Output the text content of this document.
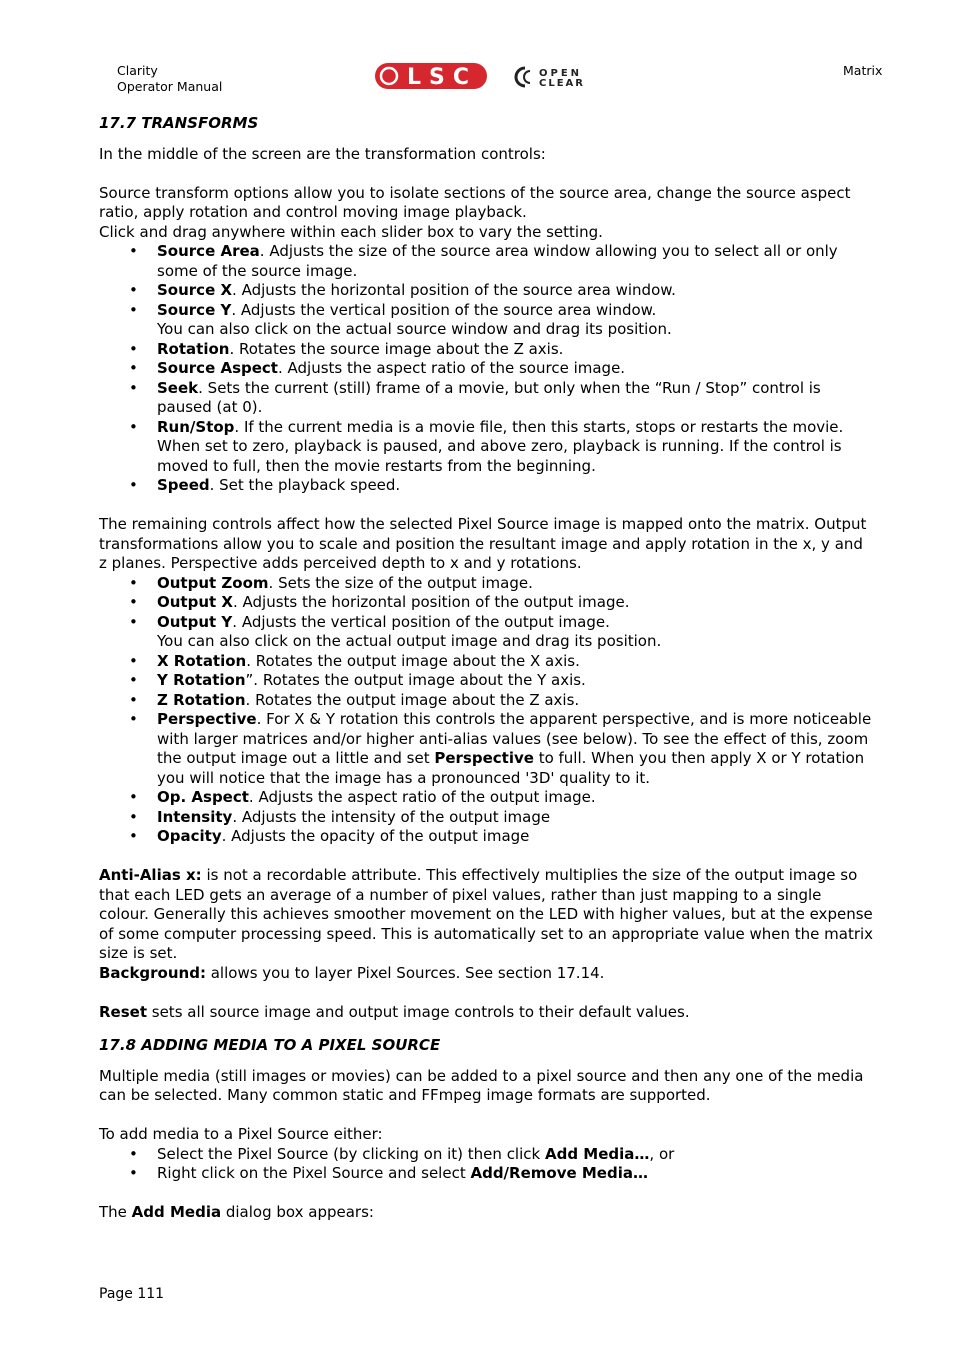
Clarity
Operator Manual	LSC	OPEN
CLEAR
Matrix
17.7 TRANSFORMS

In the middle of the screen are the transformation controls:

Source transform options allow you to isolate sections of the source area, change the source aspect ratio, apply rotation and control moving image playback.

Click and drag anywhere within each slider box to vary the setting.

• Source Area. Adjusts the size of the source area window allowing you to select all or only some of the source image.
• Source X. Adjusts the horizontal position of the source area window.
• Source Y. Adjusts the vertical position of the source area window.
You can also click on the actual source window and drag its position.
• Rotation. Rotates the source image about the Z axis.
• Source Aspect. Adjusts the aspect ratio of the source image.
• Seek. Sets the current (still) frame of a movie, but only when the “Run / Stop” control is paused (at 0).
• Run/Stop. If the current media is a movie file, then this starts, stops or restarts the movie. When set to zero, playback is paused, and above zero, playback is running. If the control is moved to full, then the movie restarts from the beginning.
• Speed. Set the playback speed.

The remaining controls affect how the selected Pixel Source image is mapped onto the matrix. Output transformations allow you to scale and position the resultant image and apply rotation in the x, y and z planes. Perspective adds perceived depth to x and y rotations.

• Output Zoom. Sets the size of the output image.
• Output X. Adjusts the horizontal position of the output image.
• Output Y. Adjusts the vertical position of the output image.
You can also click on the actual output image and drag its position.
• X Rotation. Rotates the output image about the X axis.
• Y Rotation”. Rotates the output image about the Y axis.
• Z Rotation. Rotates the output image about the Z axis.
• Perspective. For X & Y rotation this controls the apparent perspective, and is more noticeable with larger matrices and/or higher anti-alias values (see below). To see the effect of this, zoom the output image out a little and set Perspective to full. When you then apply X or Y rotation you will notice that the image has a pronounced '3D' quality to it.
• Op. Aspect. Adjusts the aspect ratio of the output image.
• Intensity. Adjusts the intensity of the output image
• Opacity. Adjusts the opacity of the output image

Anti-Alias x: is not a recordable attribute. This effectively multiplies the size of the output image so that each LED gets an average of a number of pixel values, rather than just mapping to a single colour. Generally this achieves smoother movement on the LED with higher values, but at the expense of some computer processing speed. This is automatically set to an appropriate value when the matrix size is set.

Background: allows you to layer Pixel Sources. See section 17.14.

Reset sets all source image and output image controls to their default values.

17.8 ADDING MEDIA TO A PIXEL SOURCE

Multiple media (still images or movies) can be added to a pixel source and then any one of the media can be selected. Many common static and FFmpeg image formats are supported.

To add media to a Pixel Source either:

• Select the Pixel Source (by clicking on it) then click Add Media…, or
• Right click on the Pixel Source and select Add/Remove Media…

The Add Media dialog box appears:

Page 111
